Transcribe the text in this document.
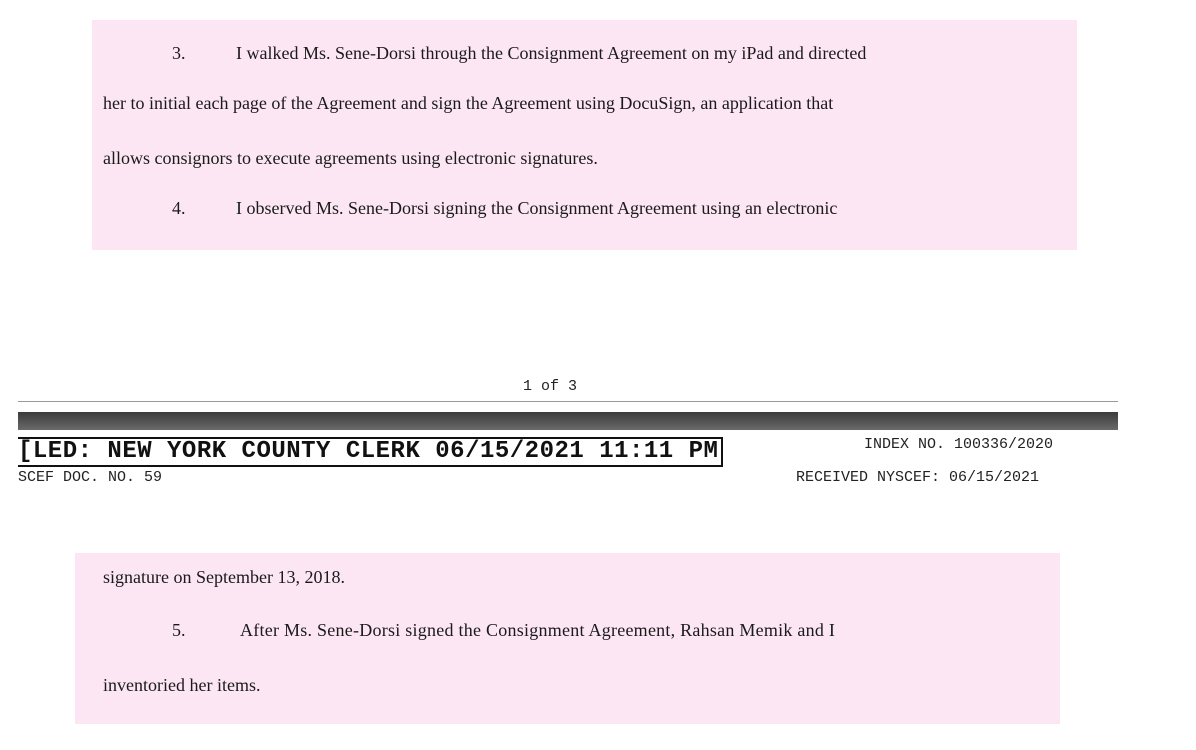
3.	I walked Ms. Sene-Dorsi through the Consignment Agreement on my iPad and directed
her to initial each page of the Agreement and sign the Agreement using DocuSign, an application that
allows consignors to execute agreements using electronic signatures.
4.	I observed Ms. Sene-Dorsi signing the Consignment Agreement using an electronic
1 of 3
[LED: NEW YORK COUNTY CLERK 06/15/2021 11:11 PM	INDEX NO. 100336/2020
SCEF DOC. NO. 59	RECEIVED NYSCEF: 06/15/2021
signature on September 13, 2018.
5.	After Ms. Sene-Dorsi signed the Consignment Agreement, Rahsan Memik and I
inventoried her items.
